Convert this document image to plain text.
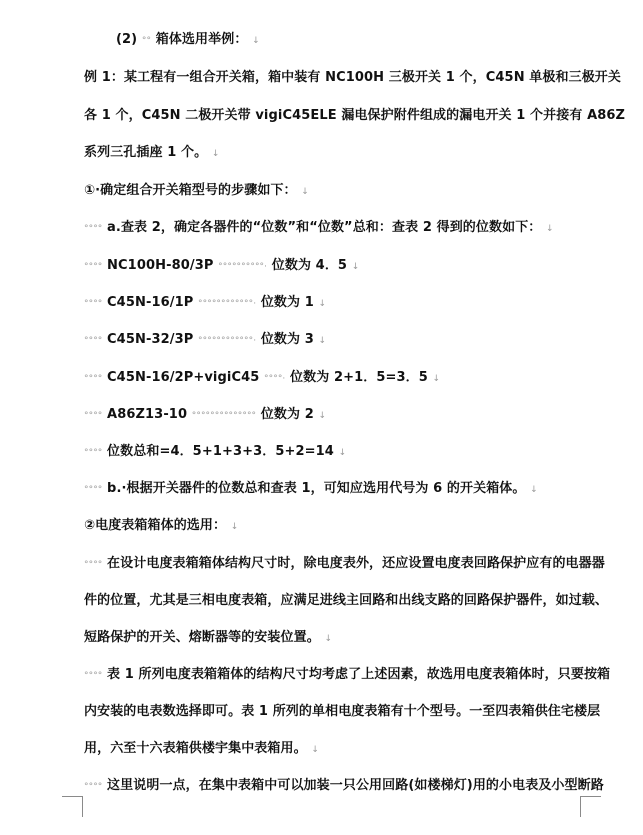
(2) °° 箱体选用举例： ↓
例 1：某工程有一组合开关箱，箱中装有 NC100H 三极开关 1 个，C45N 单极和三极开关
各 1 个，C45N 二极开关带 vigiC45ELE 漏电保护附件组成的漏电开关 1 个并接有 A86Z
系列三孔插座 1 个。 ↓
①·确定组合开关箱型号的步骤如下： ↓
°°°° a.查表 2，确定各器件的“位数”和“位数”总和：查表 2 得到的位数如下： ↓
°°°° NC100H-80/3P °°°°°°°°°°· 位数为 4．5 ↓
°°°° C45N-16/1P °°°°°°°°°°°°· 位数为 1 ↓
°°°° C45N-32/3P °°°°°°°°°°°°· 位数为 3 ↓
°°°° C45N-16/2P+vigiC45 °°°°· 位数为 2+1．5=3．5 ↓
°°°° A86Z13-10 °°°°°°°°°°°°°° 位数为 2 ↓
°°°° 位数总和=4．5+1+3+3．5+2=14 ↓
°°°° b.·根据开关器件的位数总和查表 1，可知应选用代号为 6 的开关箱体。 ↓
②电度表箱箱体的选用： ↓
°°°° 在设计电度表箱箱体结构尺寸时，除电度表外，还应设置电度表回路保护应有的电器器
件的位置，尤其是三相电度表箱，应满足进线主回路和出线支路的回路保护器件，如过载、
短路保护的开关、熔断器等的安装位置。 ↓
°°°° 表 1 所列电度表箱箱体的结构尺寸均考虑了上述因素，故选用电度表箱体时，只要按箱
内安装的电表数选择即可。表 1 所列的单相电度表箱有十个型号。一至四表箱供住宅楼层
用，六至十六表箱供楼宇集中表箱用。 ↓
°°°° 这里说明一点，在集中表箱中可以加装一只公用回路(如楼梯灯)用的小电表及小型断路
